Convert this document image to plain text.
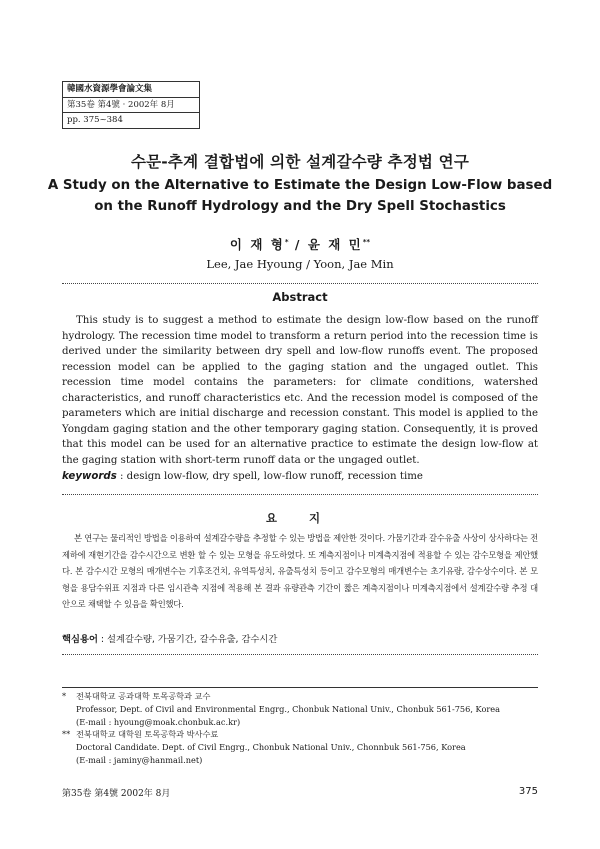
韓國水資源學會論文集
第35卷 第4號 · 2002年 8月
pp. 375~384
수문-추계 결합법에 의한 설계갈수량 추정법 연구
A Study on the Alternative to Estimate the Design Low-Flow based
on the Runoff Hydrology and the Dry Spell Stochastics
이 재 형* / 윤 재 민**
Lee, Jae Hyoung / Yoon, Jae Min
Abstract
This study is to suggest a method to estimate the design low-flow based on the runoff hydrology. The recession time model to transform a return period into the recession time is derived under the similarity between dry spell and low-flow runoffs event. The proposed recession model can be applied to the gaging station and the ungaged outlet. This recession time model contains the parameters: for climate conditions, watershed characteristics, and runoff characteristics etc. And the recession model is composed of the parameters which are initial discharge and recession constant. This model is applied to the Yongdam gaging station and the other temporary gaging station. Consequently, it is proved that this model can be used for an alternative practice to estimate the design low-flow at the gaging station with short-term runoff data or the ungaged outlet.
keywords : design low-flow, dry spell, low-flow runoff, recession time
요 지
본 연구는 물리적인 방법을 이용하여 설계갈수량을 추정할 수 있는 방법을 제안한 것이다. 가뭄기간과 갈수유출 사상이 상사하다는 전제하에 재현기간을 감수시간으로 변환 할 수 있는 모형을 유도하였다. 또 계측지점이나 미계측지점에 적용할 수 있는 감수모형을 제안했다. 본 감수시간 모형의 매개변수는 기후조건치, 유역특성치, 유출특성치 등이고 감수모형의 매개변수는 초기유량, 감수상수이다. 본 모형을 용담수위표 지점과 다른 임시관측 지점에 적용해 본 결과 유량관측 기간이 짧은 계측지점이나 미계측지점에서 설계갈수량 추정 대안으로 채택할 수 있음을 확인했다.
핵심용어 : 설계갈수량, 가뭄기간, 갈수유출, 감수시간
* 전북대학교 공과대학 토목공학과 교수
Professor, Dept. of Civil and Environmental Engrg., Chonbuk National Univ., Chonbuk 561-756, Korea
(E-mail : hyoung@moak.chonbuk.ac.kr)
** 전북대학교 대학원 토목공학과 박사수료
Doctoral Candidate. Dept. of Civil Engrg., Chonbuk National Univ., Chonnbuk 561-756, Korea
(E-mail : jaminy@hanmail.net)
第35卷 第4號 2002年 8月	375
